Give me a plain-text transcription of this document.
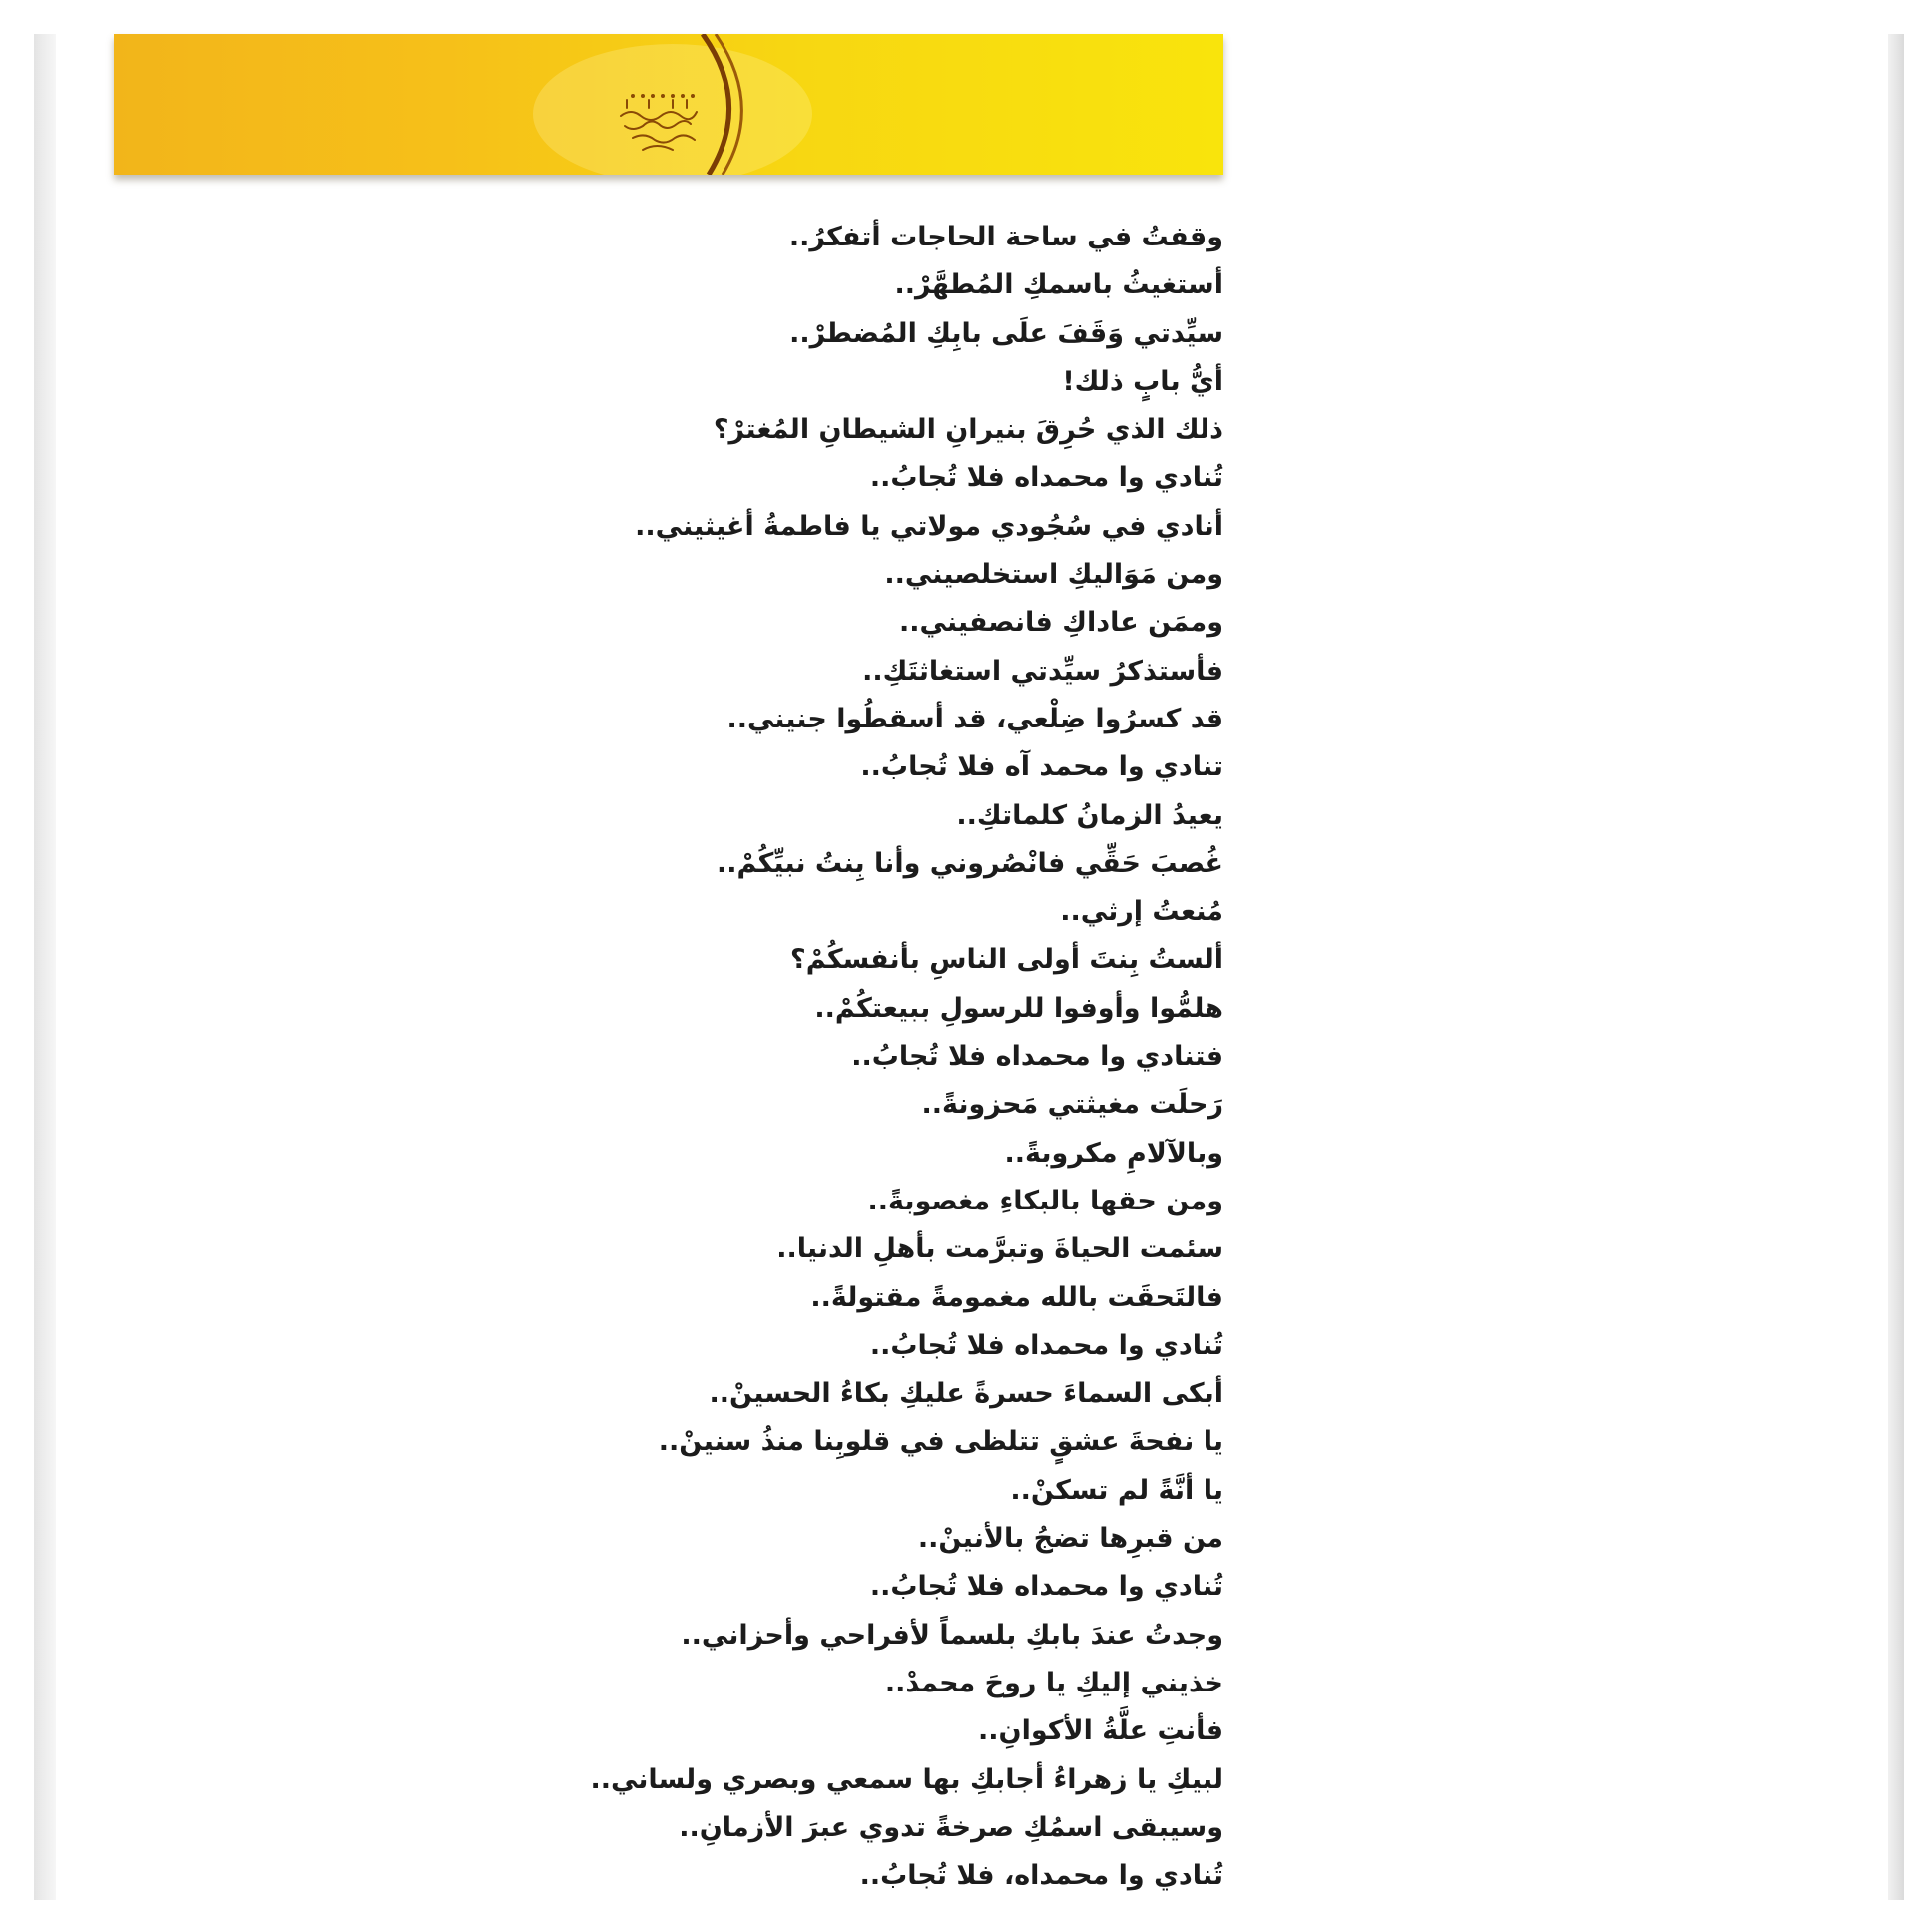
وقفتُ في ساحة الحاجات أتفكرُ..
أستغيثُ باسمكِ المُطهَّرْ..
سيِّدتي وَقَفَ علَى بابِكِ المُضطرْ..
أيُّ بابٍ ذلك!
ذلك الذي حُرِقَ بنيرانِ الشيطانِ المُغترْ؟
تُنادي وا محمداه فلا تُجابُ..
أنادي في سُجُودي مولاتي يا فاطمةُ أغيثيني..
ومن مَوَاليكِ استخلصيني..
وممَن عاداكِ فانصفيني..
فأستذكرُ سيِّدتي استغاثتَكِ..
قد كسرُوا ضِلْعي، قد أسقطُوا جنيني..
تنادي وا محمد آه فلا تُجابُ..
يعيدُ الزمانُ كلماتكِ..
غُصبَ حَقِّي فانْصُروني وأنا بِنتُ نبيِّكُمْ..
مُنعتُ إرثي..
ألستُ بِنتَ أولى الناسِ بأنفسكُمْ؟
هلمُّوا وأوفوا للرسولِ ببيعتكُمْ..
فتنادي وا محمداه فلا تُجابُ..
رَحلَت مغيثتي مَحزونةً..
وبالآلامِ مكروبةً..
ومن حقها بالبكاءِ مغصوبةً..
سئمت الحياةَ وتبرَّمت بأهلِ الدنيا..
فالتَحقَت بالله مغمومةً مقتولةً..
تُنادي وا محمداه فلا تُجابُ..
أبكى السماءَ حسرةً عليكِ بكاءُ الحسينْ..
يا نفحةَ عشقٍ تتلظى في قلوبِنا منذُ سنينْ..
يا أنَّةً لم تسكنْ..
من قبرِها تضجُ بالأنينْ..
تُنادي وا محمداه فلا تُجابُ..
وجدتُ عندَ بابكِ بلسماً لأفراحي وأحزاني..
خذيني إليكِ يا روحَ محمدْ..
فأنتِ علَّةُ الأكوانِ..
لبيكِ يا زهراءُ أجابكِ بها سمعي وبصري ولساني..
وسيبقى اسمُكِ صرخةً تدوي عبرَ الأزمانِ..
تُنادي وا محمداه، فلا تُجابُ..
